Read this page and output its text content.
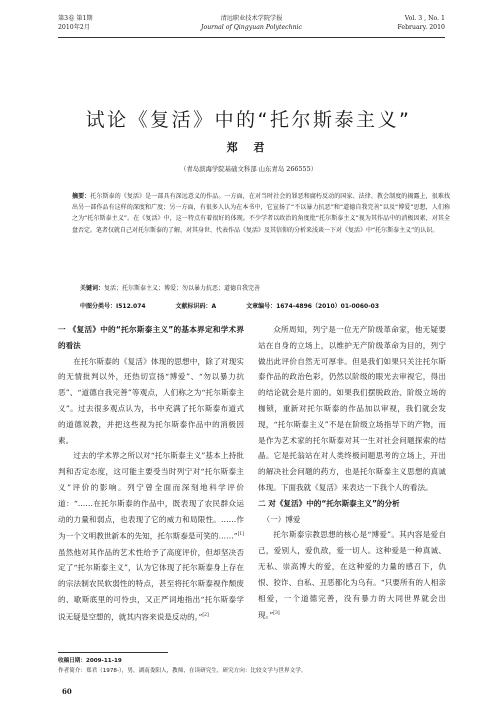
第3卷 第1期
2010年2月
清远职业技术学院学报
Journal of Qingyuan Polytechnic
Vol. 3 , No. 1
February. 2010
试论《复活》中的“托尔斯泰主义”
郑 君
（青岛滨海学院基础文科部 山东青岛 266555）
摘要：托尔斯泰的《复活》是一部具有深远意义的作品。一方面，在对当时社会的罪恶和腐朽反动的国家、法律、教会制度的揭露上，很难找出另一部作品有这样的深度和广度；另一方面，有很多人认为在本书中，它宣扬了“不以暴力抗恶”和“道德自我完善”以及“博爱”思想，人们称之为“托尔斯泰主义”。在《复活》中，这一特点有着很好的体现。不少学者以政治的角度批“托尔斯泰主义”视为其作品中的消极因素，对其全盘否定。笔者仅就自己对托尔斯泰的了解，对其身世、代表作品《复活》及其信仰的分析来浅谈一下对《复活》中“托尔斯泰主义”的认识。
关键词：复活；托尔斯泰主义；博爱；勿以暴力抗恶；道德自我完善
中图分类号：I512.074	文献标识码：A	文章编号：1674-4896（2010）01-0060-03
一 《复活》中的“托尔斯泰主义”的基本界定和学术界的看法

在托尔斯泰的《复活》体现的思想中，除了对现实的无情批判以外，还热切宣扬“博爱”、“勿以暴力抗恶”、“道德自我完善”等观点，人们称之为“托尔斯泰主义”。过去很多观点认为，书中充满了托尔斯泰布道式的道德说教，并把这些视为托尔斯泰作品中的消极因素。

过去的学术界之所以对“托尔斯泰主义”基本上持批判和否定态度，这可能主要受当时列宁对“托尔斯泰主义”评价的影响。列宁曾全面而深刻地科学评价道：“……在托尔斯泰的作品中，既表现了农民群众运动的力量和弱点，也表现了它的威力和局限性。……作为一个文明教世新本的先知，托尔斯泰是可笑的……”[1]虽然他对其作品的艺术性给予了高度评价，但却坚决否定了“托尔斯泰主义”，认为它体现了托尔斯泰身上存在的宗法制农民软弱性的特点，甚至将托尔斯泰视作颓废的、歇斯底里的可怜虫，又正严词地指出“托尔斯泰学说无疑是空想的，就其内容来说是反动的。”[2]

众所周知，列宁是一位无产阶级革命家，他无疑要站在自身的立场上，以维护无产阶级革命为目的，列宁做出此评价自然无可厚非。但是我们如果只关注托尔斯泰作品的政治色彩，仍然以阶级的眼光去审视它，得出的结论就会是片面的。如果我们摆脱政治、阶级立场的枷锁，重新对托尔斯泰的作品加以审视，我们就会发现，“托尔斯泰主义”不是在阶级立场指导下的产物，而是作为艺术家的托尔斯泰对其一生对社会问题探索的结晶。它是托翁站在对人类终极问题思考的立场上，开出的解决社会问题的药方，也是托尔斯泰主义思想的真诚体现。下面我就《复活》来表达一下我个人的看法。

二 对《复活》中的“托尔斯泰主义”的分析
（一）博爱

托尔斯泰宗教思想的核心是“博爱”。其内容是爱自己，爱别人，爱仇敌，爱一切人。这种爱是一种真诚、无私、崇高博大的爱，在这种爱的力量的感召下，仇恨、狡诈、自私、丑恶都化为乌有。“只要所有的人相亲相爱，一个道德完善，没有暴力的大同世界就会出现。”[3]

收稿日期：2009-11-19
作者简介：郑君（1978-），男，湖南娄阳人，教师，在读研究生，研究方向：比较文学与世界文学。
60
